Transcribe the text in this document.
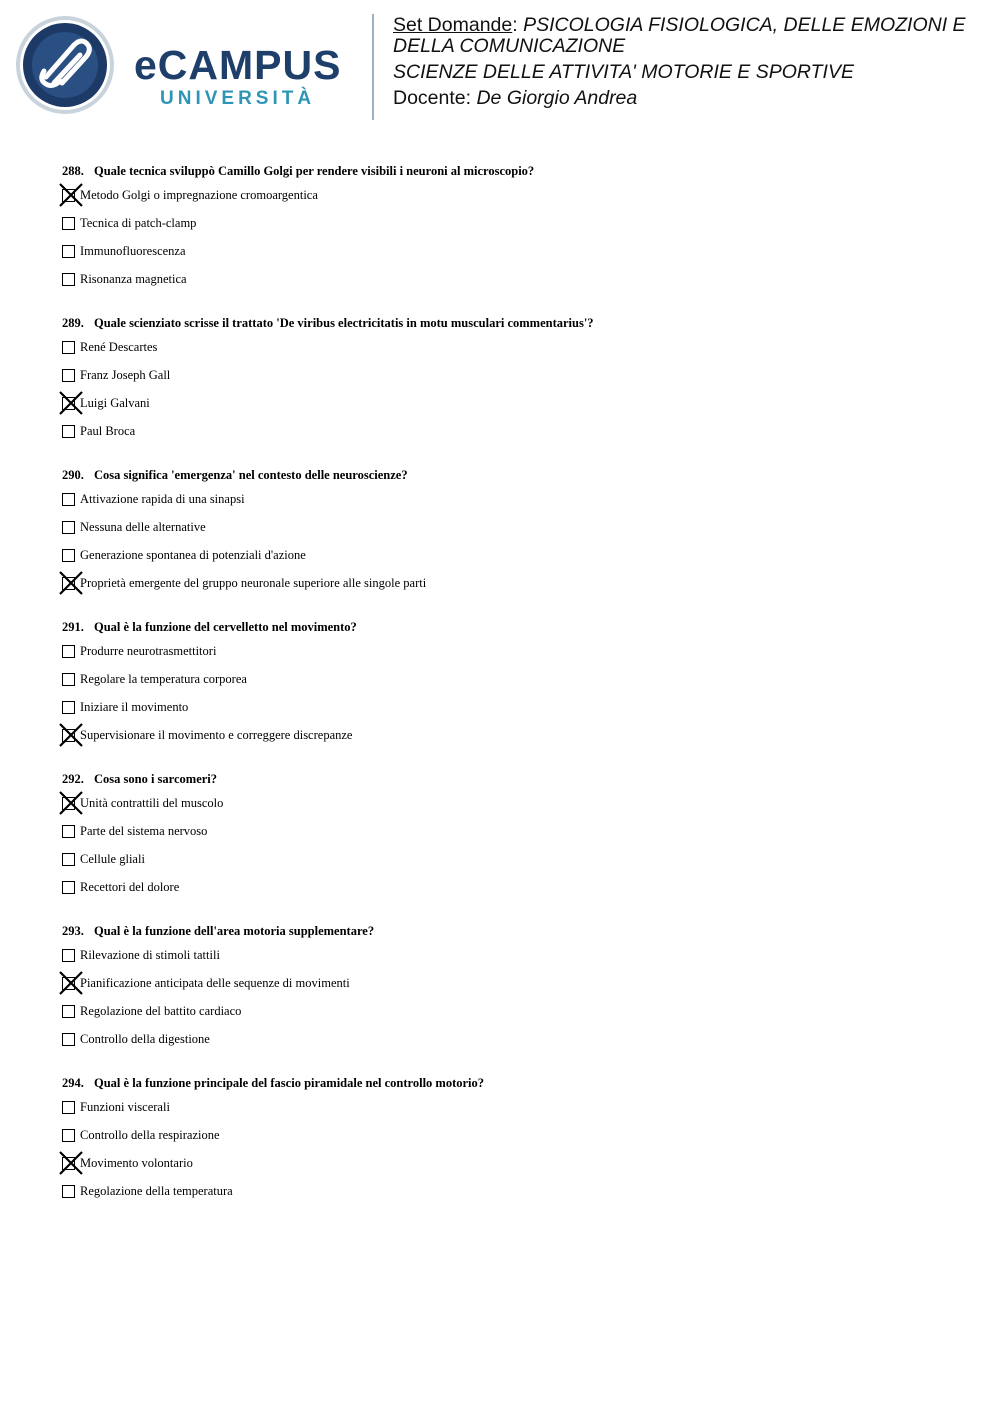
eCAMPUS
UNIVERSITÀ
Set Domande: PSICOLOGIA FISIOLOGICA, DELLE EMOZIONI E DELLA COMUNICAZIONE
SCIENZE DELLE ATTIVITA' MOTORIE E SPORTIVE
Docente: De Giorgio Andrea
288. Quale tecnica sviluppò Camillo Golgi per rendere visibili i neuroni al microscopio?
Metodo Golgi o impregnazione cromoargentica
Tecnica di patch-clamp
Immunofluorescenza
Risonanza magnetica
289. Quale scienziato scrisse il trattato 'De viribus electricitatis in motu musculari commentarius'?
René Descartes
Franz Joseph Gall
Luigi Galvani
Paul Broca
290. Cosa significa 'emergenza' nel contesto delle neuroscienze?
Attivazione rapida di una sinapsi
Nessuna delle alternative
Generazione spontanea di potenziali d'azione
Proprietà emergente del gruppo neuronale superiore alle singole parti
291. Qual è la funzione del cervelletto nel movimento?
Produrre neurotrasmettitori
Regolare la temperatura corporea
Iniziare il movimento
Supervisionare il movimento e correggere discrepanze
292. Cosa sono i sarcomeri?
Unità contrattili del muscolo
Parte del sistema nervoso
Cellule gliali
Recettori del dolore
293. Qual è la funzione dell'area motoria supplementare?
Rilevazione di stimoli tattili
Pianificazione anticipata delle sequenze di movimenti
Regolazione del battito cardiaco
Controllo della digestione
294. Qual è la funzione principale del fascio piramidale nel controllo motorio?
Funzioni viscerali
Controllo della respirazione
Movimento volontario
Regolazione della temperatura
